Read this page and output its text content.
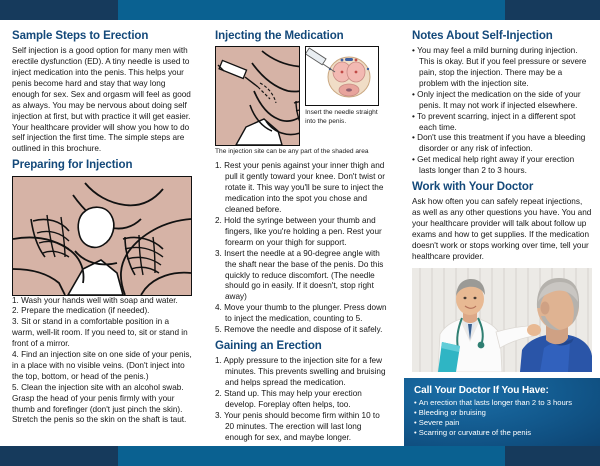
Sample Steps to Erection

Self injection is a good option for many men with erectile dysfunction (ED). A tiny needle is used to inject medication into the penis. This helps your penis become hard and stay that way long enough for sex. Sex and orgasm will feel as good as always. You may be nervous about doing self injection at first, but with practice it will get easier. Your healthcare provider will show you how to do self injection the first time. The simple steps are outlined in this brochure.

Preparing for Injection
1. Wash your hands well with soap and water.
2. Prepare the medication (if needed).
3. Sit or stand in a comfortable position in a warm, well-lit room. If you need to, sit or stand in front of a mirror.
4. Find an injection site on one side of your penis, in a place with no visible veins. (Don't inject into the top, bottom, or head of the penis.)
5. Clean the injection site with an alcohol swab. Grasp the head of your penis firmly with your thumb and forefinger (don't just pinch the skin). Stretch the penis so the skin on the shaft is taut.
Injecting the Medication

Insert the needle straight into the penis.

The injection site can be any part of the shaded area

1. Rest your penis against your inner thigh and pull it gently toward your knee. Don't twist or rotate it. This way you'll be sure to inject the medication into the spot you chose and cleaned before.
2. Hold the syringe between your thumb and fingers, like you're holding a pen. Rest your forearm on your thigh for support.
3. Insert the needle at a 90-degree angle with the shaft near the base of the penis. Do this quickly to reduce discomfort. (The needle should go in easily. If it doesn't, stop right away)
4. Move your thumb to the plunger. Press down to inject the medication, counting to 5.
5. Remove the needle and dispose of it safely.
Gaining an Erection
1. Apply pressure to the injection site for a few minutes. This prevents swelling and bruising and helps spread the medication.
2. Stand up. This may help your erection develop. Foreplay often helps, too.
3. Your penis should become firm within 10 to 20 minutes. The erection will last long enough for sex, and maybe longer.
Notes About Self-Injection
• You may feel a mild burning during injection. This is okay. But if you feel pressure or severe pain, stop the injection. There may be a problem with the injection site.
• Only inject the medication on the side of your penis. It may not work if injected elsewhere.
• To prevent scarring, inject in a different spot each time.
• Don't use this treatment if you have a bleeding disorder or any risk of infection.
• Get medical help right away if your erection lasts longer than 2 to 3 hours.
Work with Your Doctor

Ask how often you can safely repeat injections, as well as any other questions you have. You and your healthcare provider will talk about follow up exams and how to get supplies. If the medication doesn't work or stops working over time, tell your healthcare provider.

Call Your Doctor If You Have:
• An erection that lasts longer than 2 to 3 hours
• Bleeding or bruising
• Severe pain
• Scarring or curvature of the penis
